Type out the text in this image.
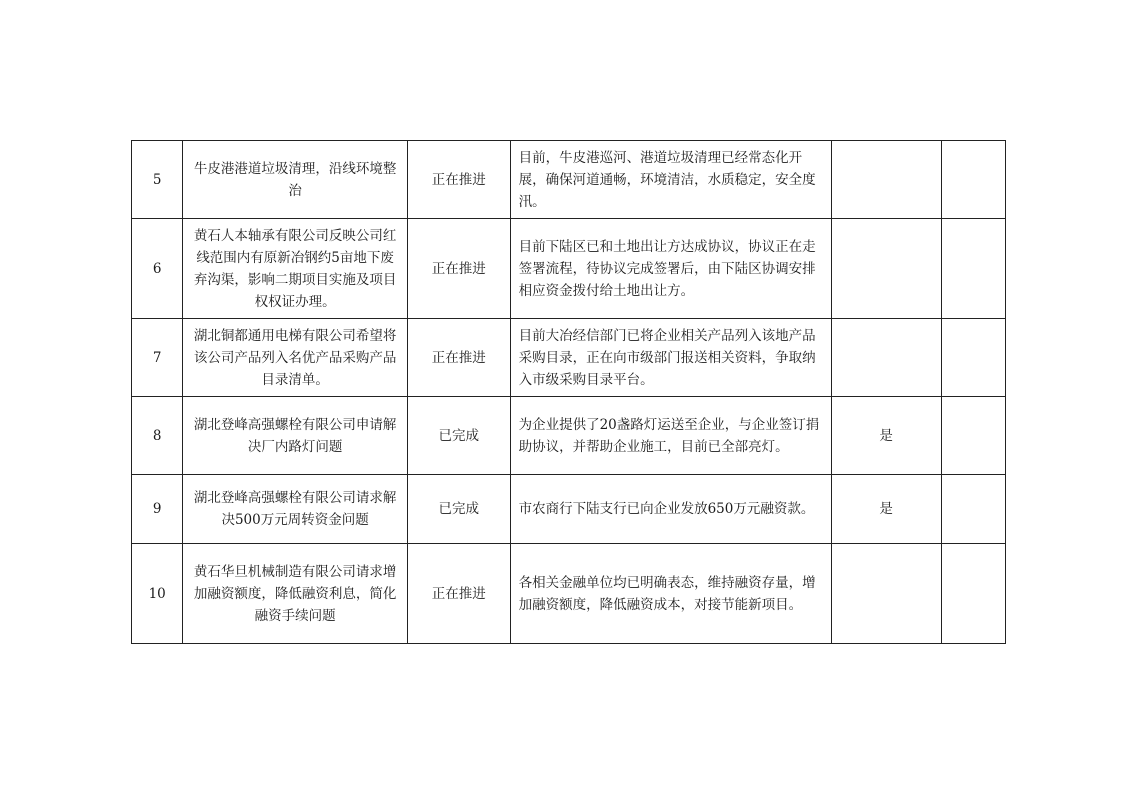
5	牛皮港港道垃圾清理，沿线环境整治	正在推进	目前，牛皮港巡河、港道垃圾清理已经常态化开展，确保河道通畅，环境清洁，水质稳定，安全度汛。		

6	黄石人本轴承有限公司反映公司红线范围内有原新冶钢约5亩地下废弃沟渠，影响二期项目实施及项目权权证办理。	正在推进	目前下陆区已和土地出让方达成协议，协议正在走签署流程，待协议完成签署后，由下陆区协调安排相应资金拨付给土地出让方。		

7	湖北铜都通用电梯有限公司希望将该公司产品列入名优产品采购产品目录清单。	正在推进	目前大冶经信部门已将企业相关产品列入该地产品采购目录，正在向市级部门报送相关资料，争取纳入市级采购目录平台。		

8	湖北登峰高强螺栓有限公司申请解决厂内路灯问题	已完成	为企业提供了20盏路灯运送至企业，与企业签订捐助协议，并帮助企业施工，目前已全部亮灯。	是	
9	湖北登峰高强螺栓有限公司请求解决500万元周转资金问题	已完成	市农商行下陆支行已向企业发放650万元融资款。	是	
10	黄石华旦机械制造有限公司请求增加融资额度，降低融资利息，简化融资手续问题	正在推进	各相关金融单位均已明确表态，维持融资存量，增加融资额度，降低融资成本，对接节能新项目。		
